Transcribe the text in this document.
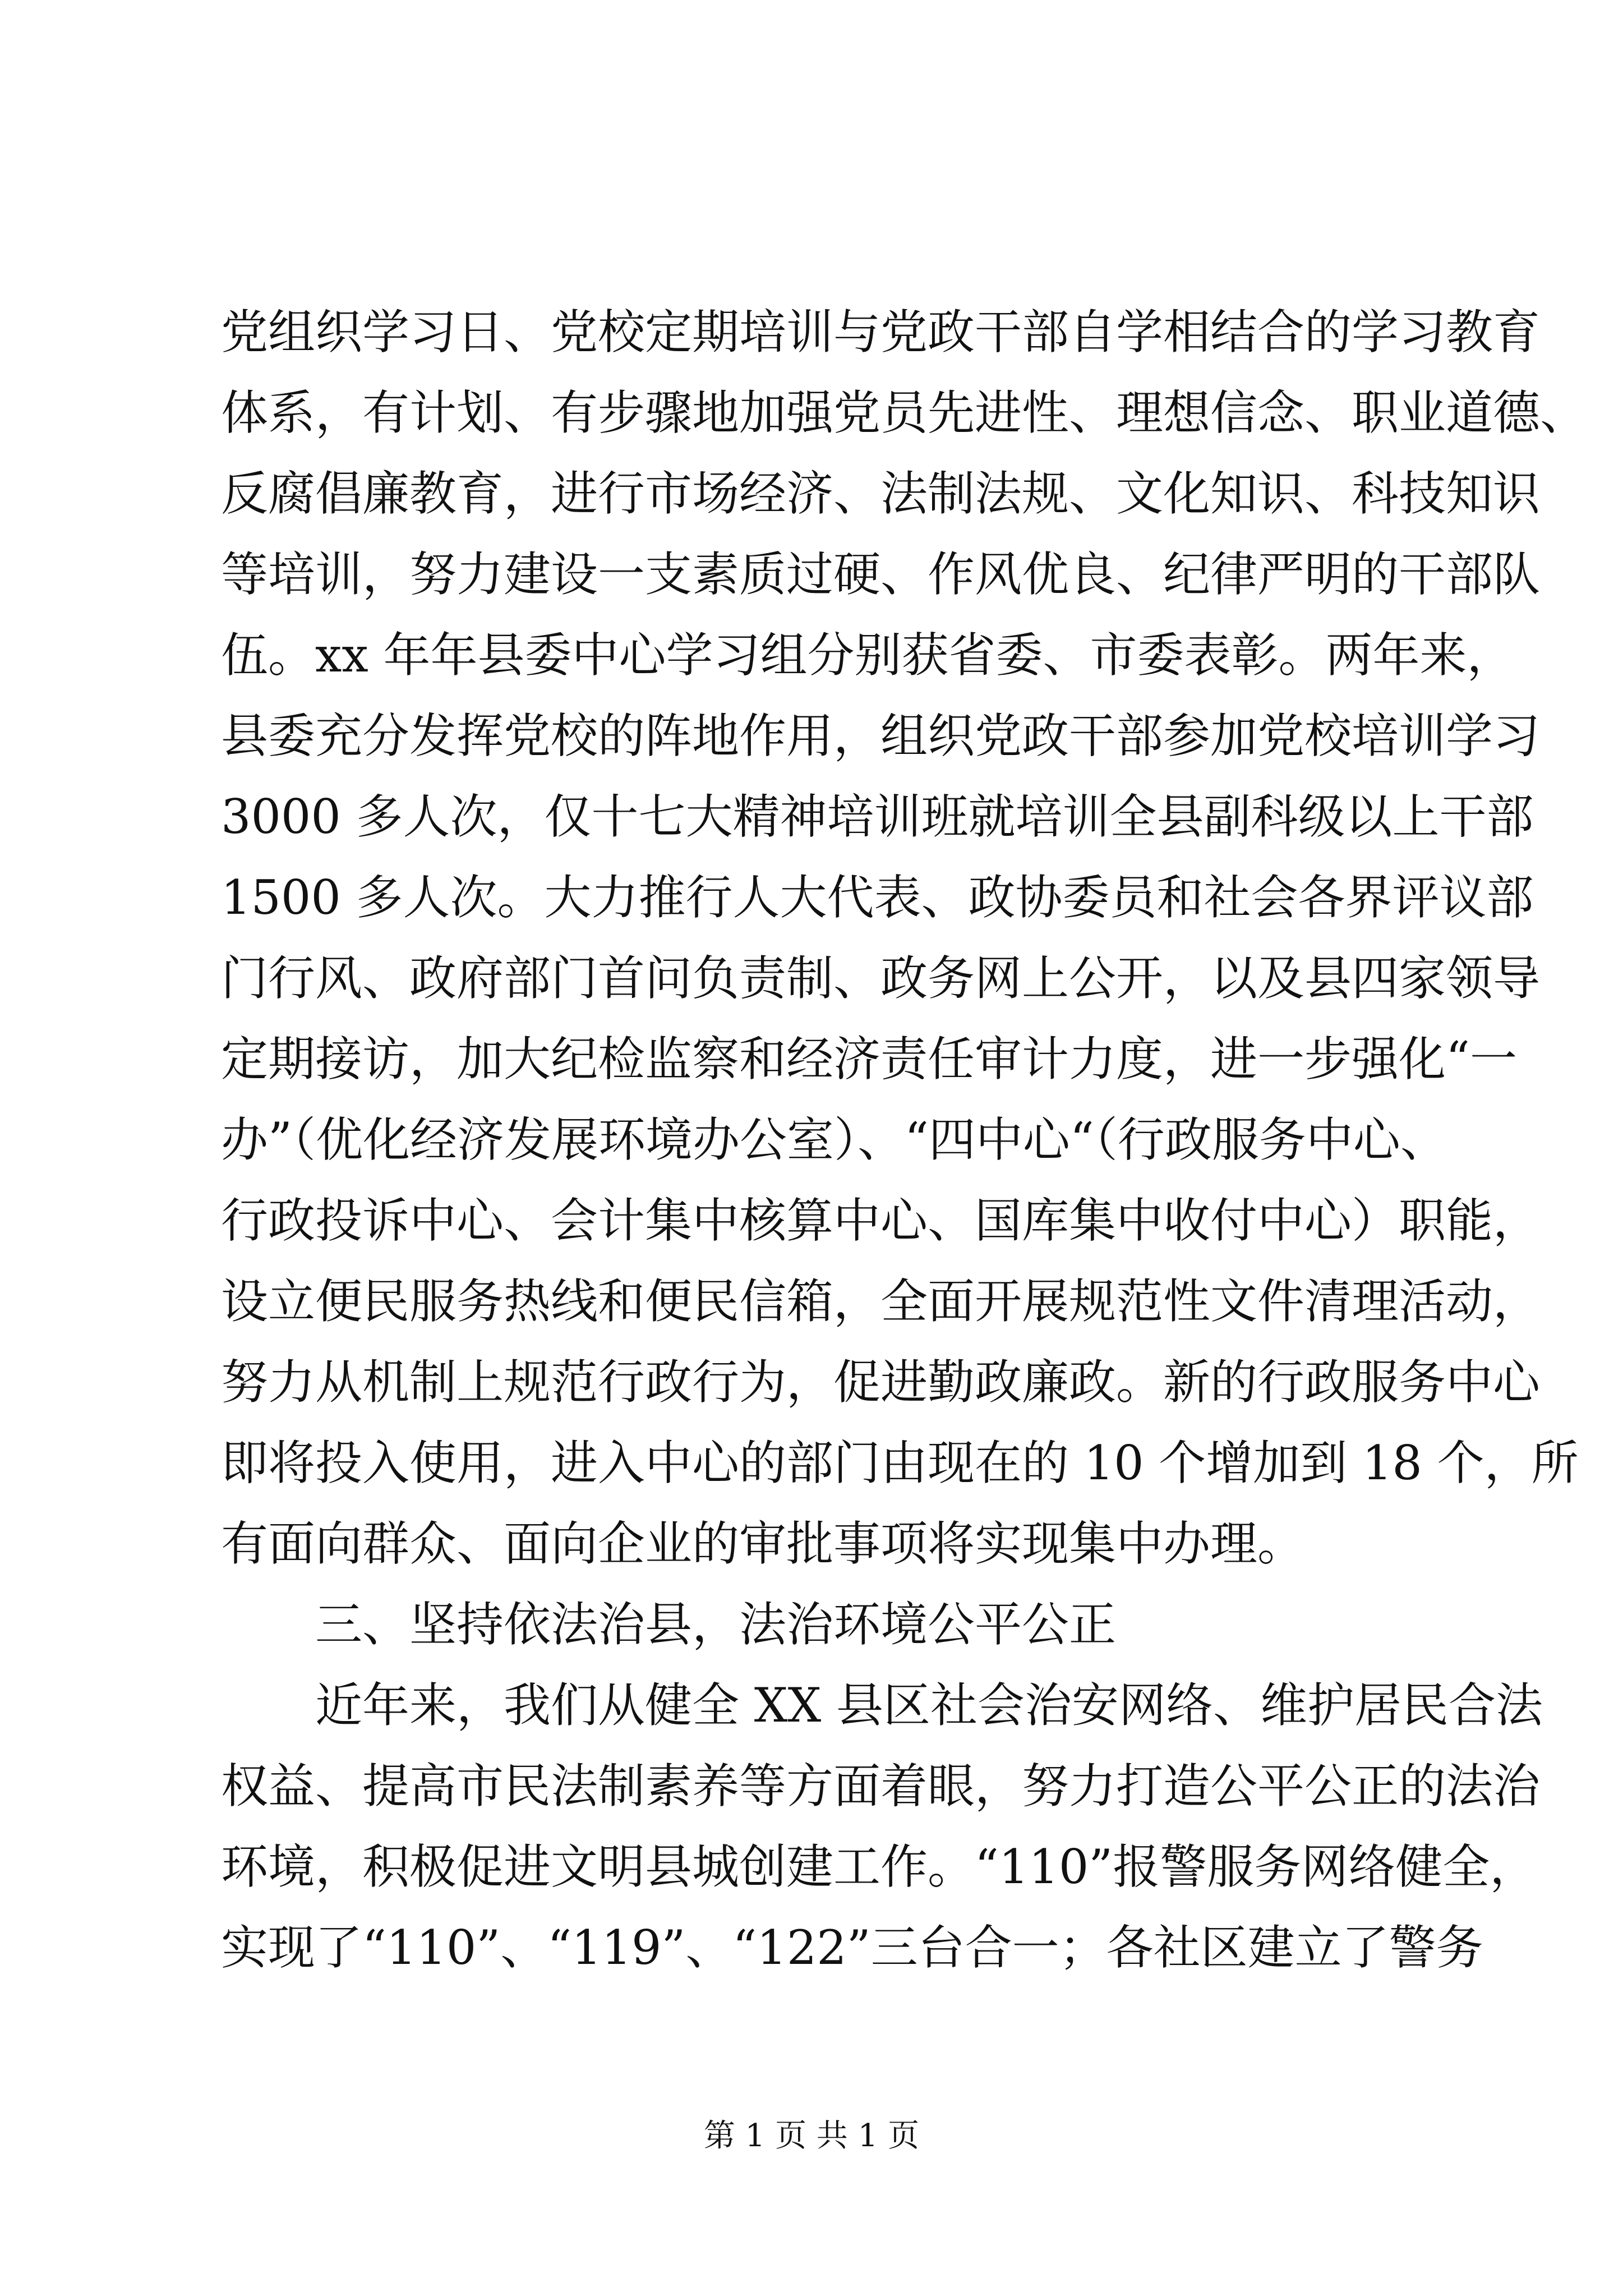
党组织学习日、党校定期培训与党政干部自学相结合的学习教育
体系，有计划、有步骤地加强党员先进性、理想信念、职业道德、
反腐倡廉教育，进行市场经济、法制法规、文化知识、科技知识
等培训，努力建设一支素质过硬、作风优良、纪律严明的干部队
伍。xx 年年县委中心学习组分别获省委、市委表彰。两年来，
县委充分发挥党校的阵地作用，组织党政干部参加党校培训学习
3000 多人次，仅十七大精神培训班就培训全县副科级以上干部
1500 多人次。大力推行人大代表、政协委员和社会各界评议部
门行风、政府部门首问负责制、政务网上公开，以及县四家领导
定期接访，加大纪检监察和经济责任审计力度，进一步强化“一
办”（优化经济发展环境办公室）、“四中心“（行政服务中心、
行政投诉中心、会计集中核算中心、国库集中收付中心）职能，
设立便民服务热线和便民信箱，全面开展规范性文件清理活动，
努力从机制上规范行政行为，促进勤政廉政。新的行政服务中心
即将投入使用，进入中心的部门由现在的 10 个增加到 18 个，所
有面向群众、面向企业的审批事项将实现集中办理。
三、坚持依法治县，法治环境公平公正
近年来，我们从健全 XX 县区社会治安网络、维护居民合法
权益、提高市民法制素养等方面着眼，努力打造公平公正的法治
环境，积极促进文明县城创建工作。“110”报警服务网络健全，
实现了“110”、“119”、“122”三台合一；各社区建立了警务
第 1 页 共 1 页
